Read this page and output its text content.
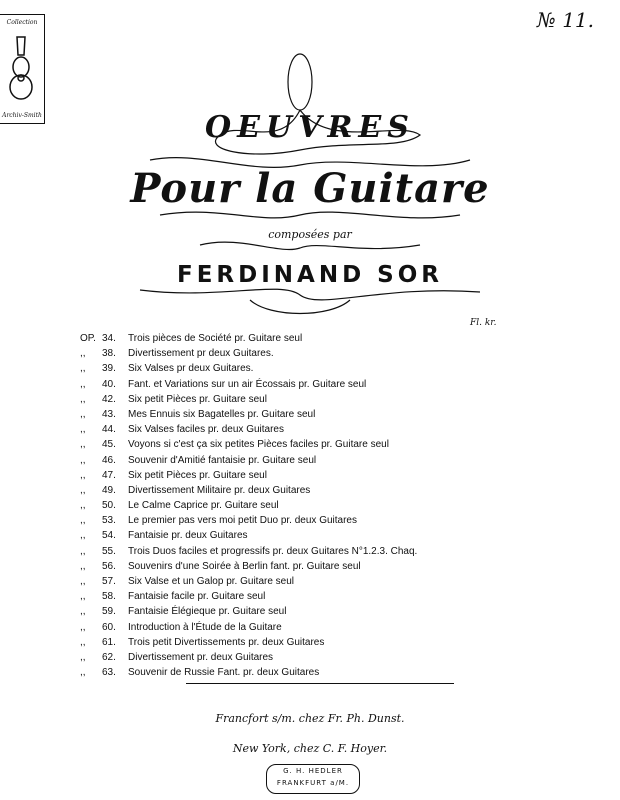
Collection
Archiv-Smith
№ 11.
OEUVRES
Pour la Guitare
composées par
FERDINAND SOR
Fl. kr.
OP. 34. Trois pièces de Société pr. Guitare seul
,, 38. Divertissement pr deux Guitares.
,, 39. Six Valses pr deux Guitares.
,, 40. Fant. et Variations sur un air Écossais pr. Guitare seul
,, 42. Six petit Pièces pr. Guitare seul
,, 43. Mes Ennuis six Bagatelles pr. Guitare seul
,, 44. Six Valses faciles pr. deux Guitares
,, 45. Voyons si c'est ça six petites Pièces faciles pr. Guitare seul
,, 46. Souvenir d'Amitié fantaisie pr. Guitare seul
,, 47. Six petit Pièces pr. Guitare seul
,, 49. Divertissement Militaire pr. deux Guitares
,, 50. Le Calme Caprice pr. Guitare seul
,, 53. Le premier pas vers moi petit Duo pr. deux Guitares
,, 54. Fantaisie pr. deux Guitares
,, 55. Trois Duos faciles et progressifs pr. deux Guitares N°1.2.3. Chaq.
,, 56. Souvenirs d'une Soirée à Berlin fant. pr. Guitare seul
,, 57. Six Valse et un Galop pr. Guitare seul
,, 58. Fantaisie facile pr. Guitare seul
,, 59. Fantaisie Élégieque pr. Guitare seul
,, 60. Introduction à l'Étude de la Guitare
,, 61. Trois petit Divertissements pr. deux Guitares
,, 62. Divertissement pr. deux Guitares
,, 63. Souvenir de Russie Fant. pr. deux Guitares
Francfort s/m. chez Fr. Ph. Dunst.
New York, chez C. F. Hoyer.
G. H. HEDLER
FRANKFURT a/M.
